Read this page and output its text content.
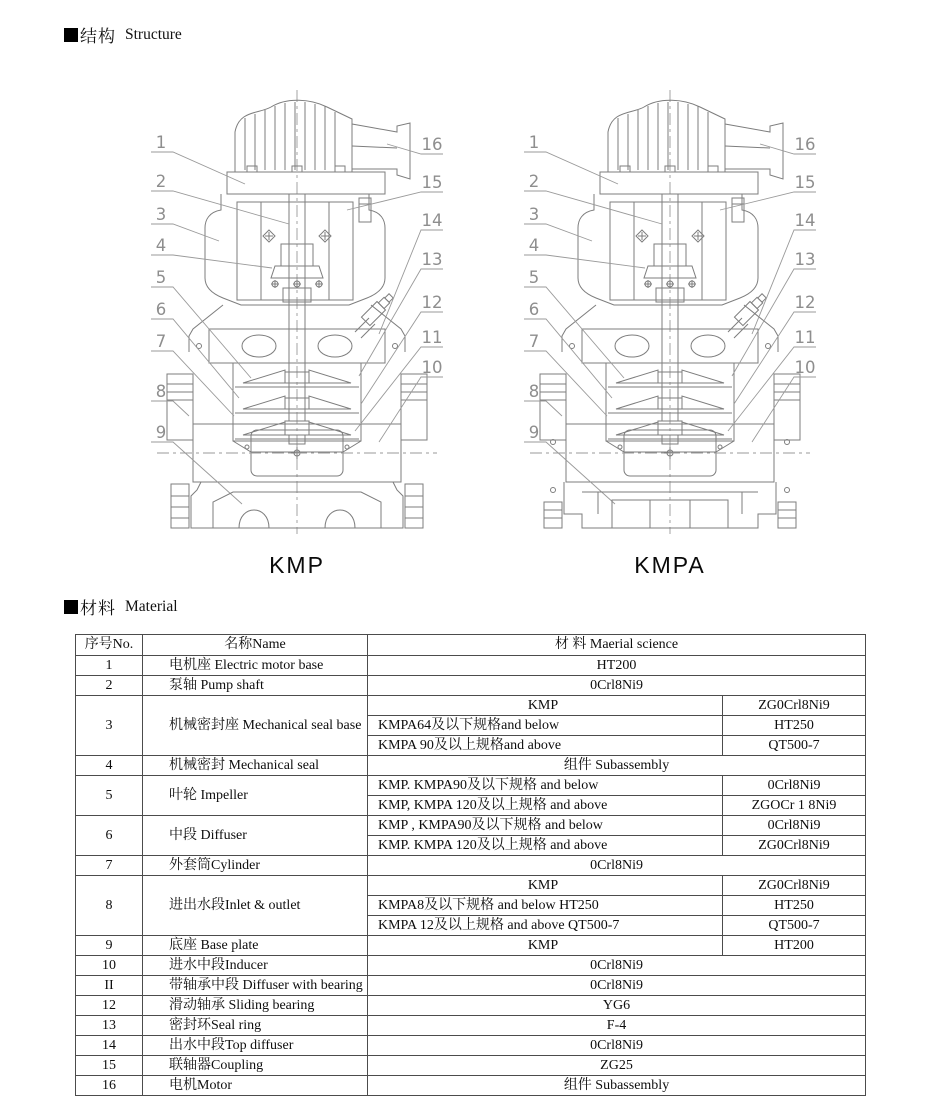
结构 Structure
1
2
3
4
5
6
7
8
9
16
15
14
13
12
11
10
KMP
1
2
3
4
5
6
7
8
9
16
15
14
13
12
11
10
KMPA
材料 Material
序号No.	名称Name	材 料 Maerial science	
1	电机座 Electric motor base	HT200	
2	泵轴 Pump shaft	0Crl8Ni9	
3	机械密封座 Mechanical seal base	KMP	ZG0Crl8Ni9
		KMPA64及以下规格and below	HT250
		KMPA 90及以上规格and above	QT500-7
4	机械密封 Mechanical seal	组件 Subassembly	
5	叶轮 Impeller	KMP. KMPA90及以下规格 and below	0Crl8Ni9
		KMP, KMPA 120及以上规格 and above	ZGOCr 1 8Ni9
6	中段 Diffuser	KMP , KMPA90及以下规格 and below	0Crl8Ni9
		KMP. KMPA 120及以上规格 and above	ZG0Crl8Ni9
7	外套筒Cylinder	0Crl8Ni9	
8	进出水段Inlet & outlet	KMP	ZG0Crl8Ni9
		KMPA8及以下规格 and below HT250	HT250
		KMPA 12及以上规格 and above QT500-7	QT500-7
9	底座 Base plate	KMP	HT200
10	进水中段Inducer	0Crl8Ni9	
II	带轴承中段 Diffuser with bearing	0Crl8Ni9	
12	滑动轴承 Sliding bearing	YG6	
13	密封环Seal ring	F-4	
14	出水中段Top diffuser	0Crl8Ni9	
15	联轴器Coupling	ZG25	
16	电机Motor	组件 Subassembly	
